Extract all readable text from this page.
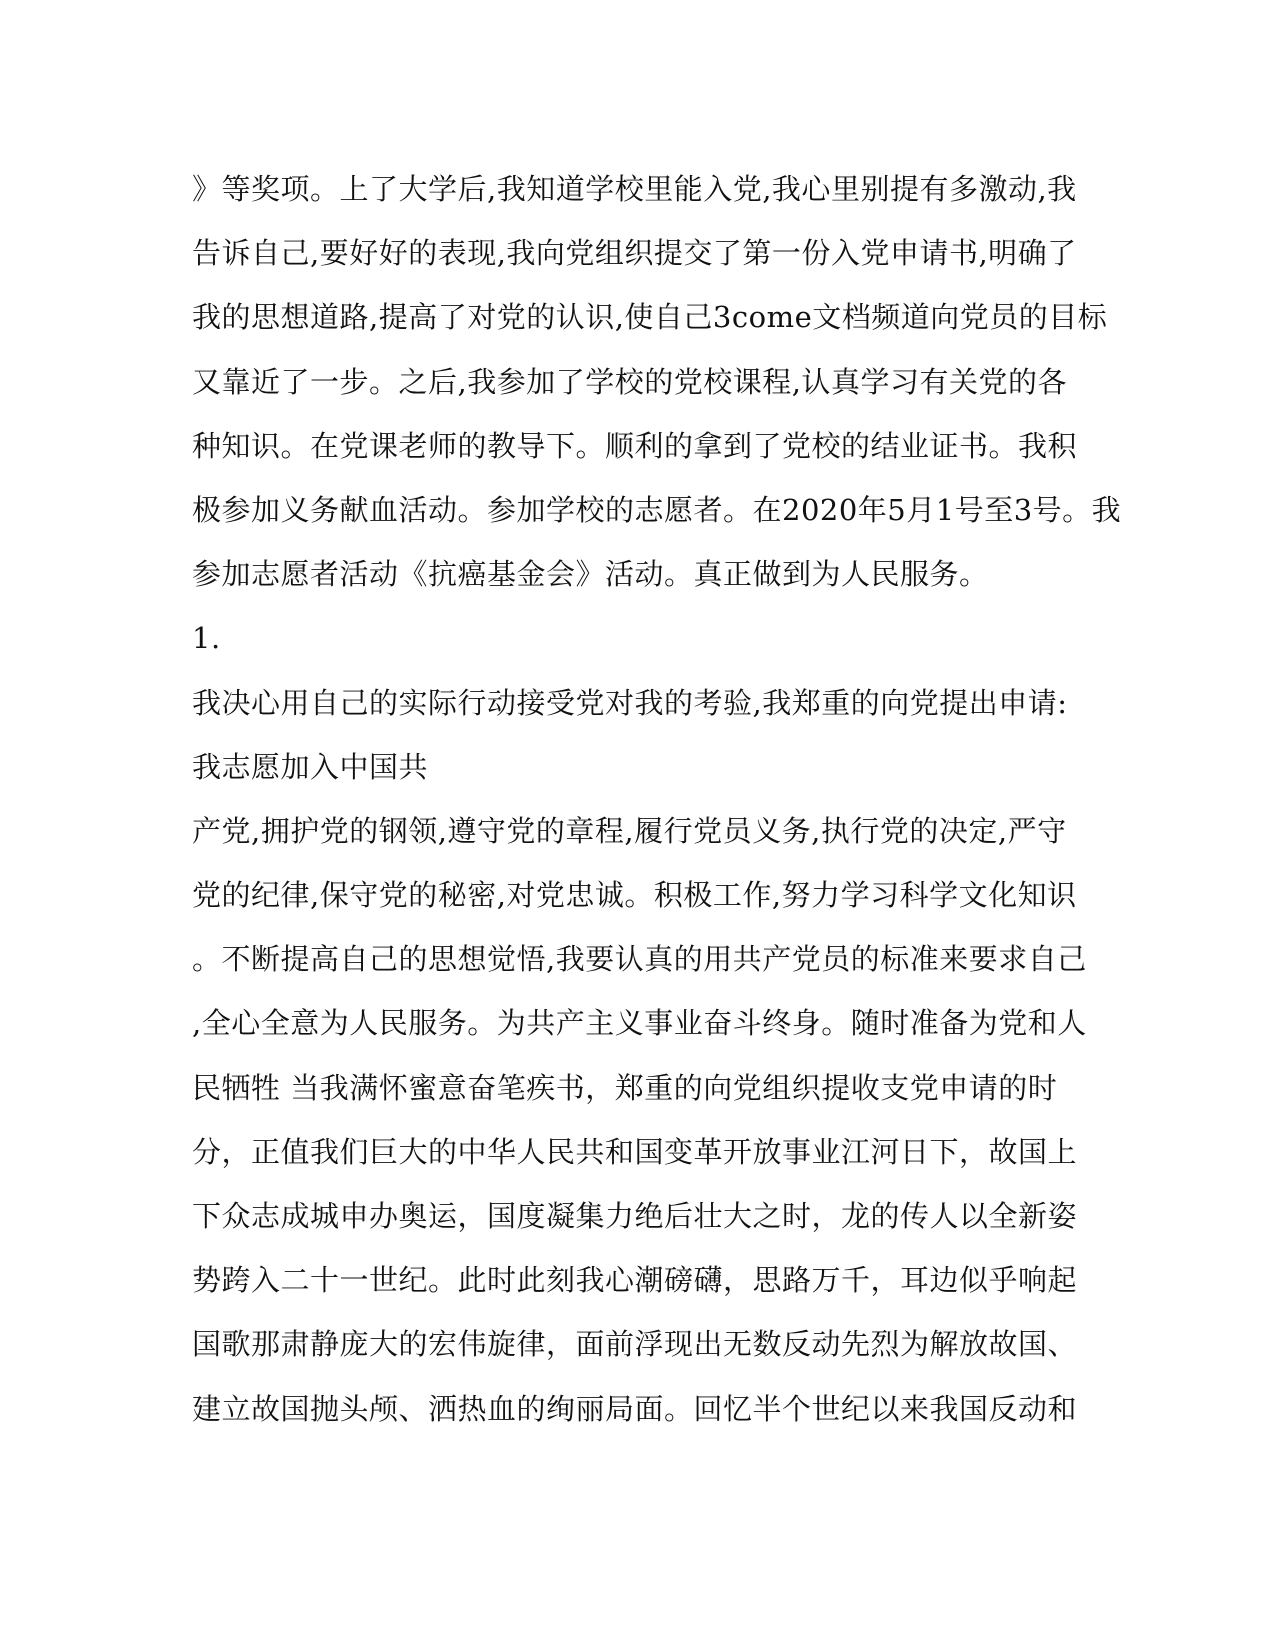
》等奖项。上了大学后,我知道学校里能入党,我心里别提有多激动,我
告诉自己,要好好的表现,我向党组织提交了第一份入党申请书,明确了
我的思想道路,提高了对党的认识,使自己3come文档频道向党员的目标
又靠近了一步。之后,我参加了学校的党校课程,认真学习有关党的各
种知识。在党课老师的教导下。顺利的拿到了党校的结业证书。我积
极参加义务献血活动。参加学校的志愿者。在2020年5月1号至3号。我
参加志愿者活动《抗癌基金会》活动。真正做到为人民服务。
1.
我决心用自己的实际行动接受党对我的考验,我郑重的向党提出申请:
我志愿加入中国共
产党,拥护党的钢领,遵守党的章程,履行党员义务,执行党的决定,严守
党的纪律,保守党的秘密,对党忠诚。积极工作,努力学习科学文化知识
。不断提高自己的思想觉悟,我要认真的用共产党员的标准来要求自己
,全心全意为人民服务。为共产主义事业奋斗终身。随时准备为党和人
民牺牲 当我满怀蜜意奋笔疾书，郑重的向党组织提收支党申请的时
分，正值我们巨大的中华人民共和国变革开放事业江河日下，故国上
下众志成城申办奥运，国度凝集力绝后壮大之时，龙的传人以全新姿
势跨入二十一世纪。此时此刻我心潮磅礴，思路万千，耳边似乎响起
国歌那肃静庞大的宏伟旋律，面前浮现出无数反动先烈为解放故国、
建立故国抛头颅、洒热血的绚丽局面。回忆半个世纪以来我国反动和
